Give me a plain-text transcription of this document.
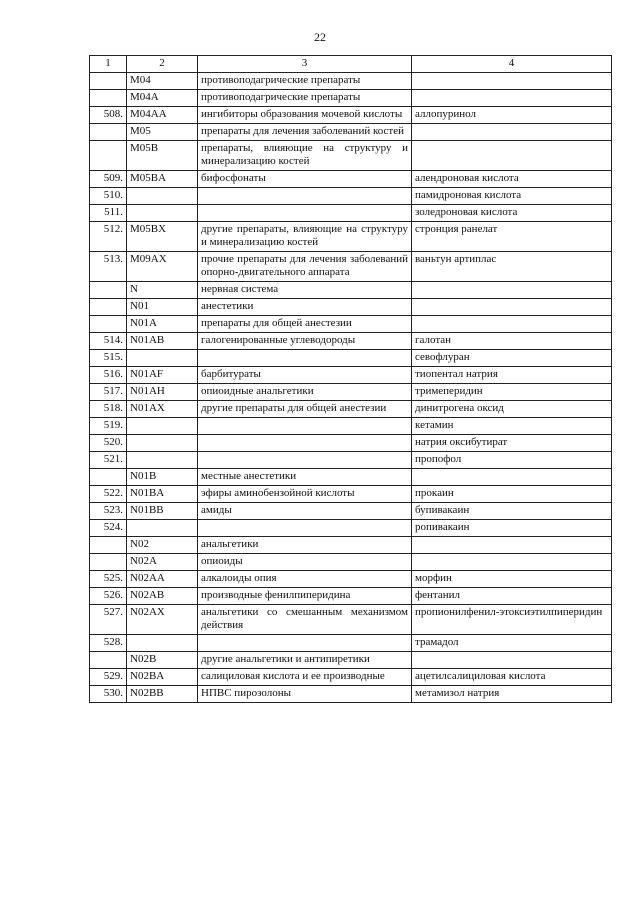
22
1	2	3	4
	M04	противоподагрические препараты	
	M04A	противоподагрические препараты	
508.	M04AA	ингибиторы образования мочевой кислоты	аллопуринол
	M05	препараты для лечения заболеваний костей	
	M05B	препараты, влияющие на структуру и минерализацию костей	
509.	M05BA	бифосфонаты	алендроновая кислота
510.			памидроновая кислота
511.			золедроновая кислота
512.	M05BX	другие препараты, влияющие на структуру и минерализацию костей	стронция ранелат
513.	M09AX	прочие препараты для лечения заболеваний опорно-двигательного аппарата	ваньтун артиплас
	N	нервная система	
	N01	анестетики	
	N01A	препараты для общей анестезии	
514.	N01AB	галогенированные углеводороды	галотан
515.			севофлуран
516.	N01AF	барбитураты	тиопентал натрия
517.	N01AH	опиоидные анальгетики	тримеперидин
518.	N01AX	другие препараты для общей анестезии	динитрогена оксид
519.			кетамин
520.			натрия оксибутират
521.			пропофол
	N01B	местные анестетики	
522.	N01BA	эфиры аминобензойной кислоты	прокаин
523.	N01BB	амиды	бупивакаин
524.			ропивакаин
	N02	анальгетики	
	N02A	опиоиды	
525.	N02AA	алкалоиды опия	морфин
526.	N02AB	производные фенилпиперидина	фентанил
527.	N02AX	анальгетики со смешанным механизмом действия	пропионилфенил-этоксиэтилпиперидин
528.			трамадол
	N02B	другие анальгетики и антипиретики	
529.	N02BA	салициловая кислота и ее производные	ацетилсалициловая кислота
530.	N02BB	НПВС пирозолоны	метамизол натрия
